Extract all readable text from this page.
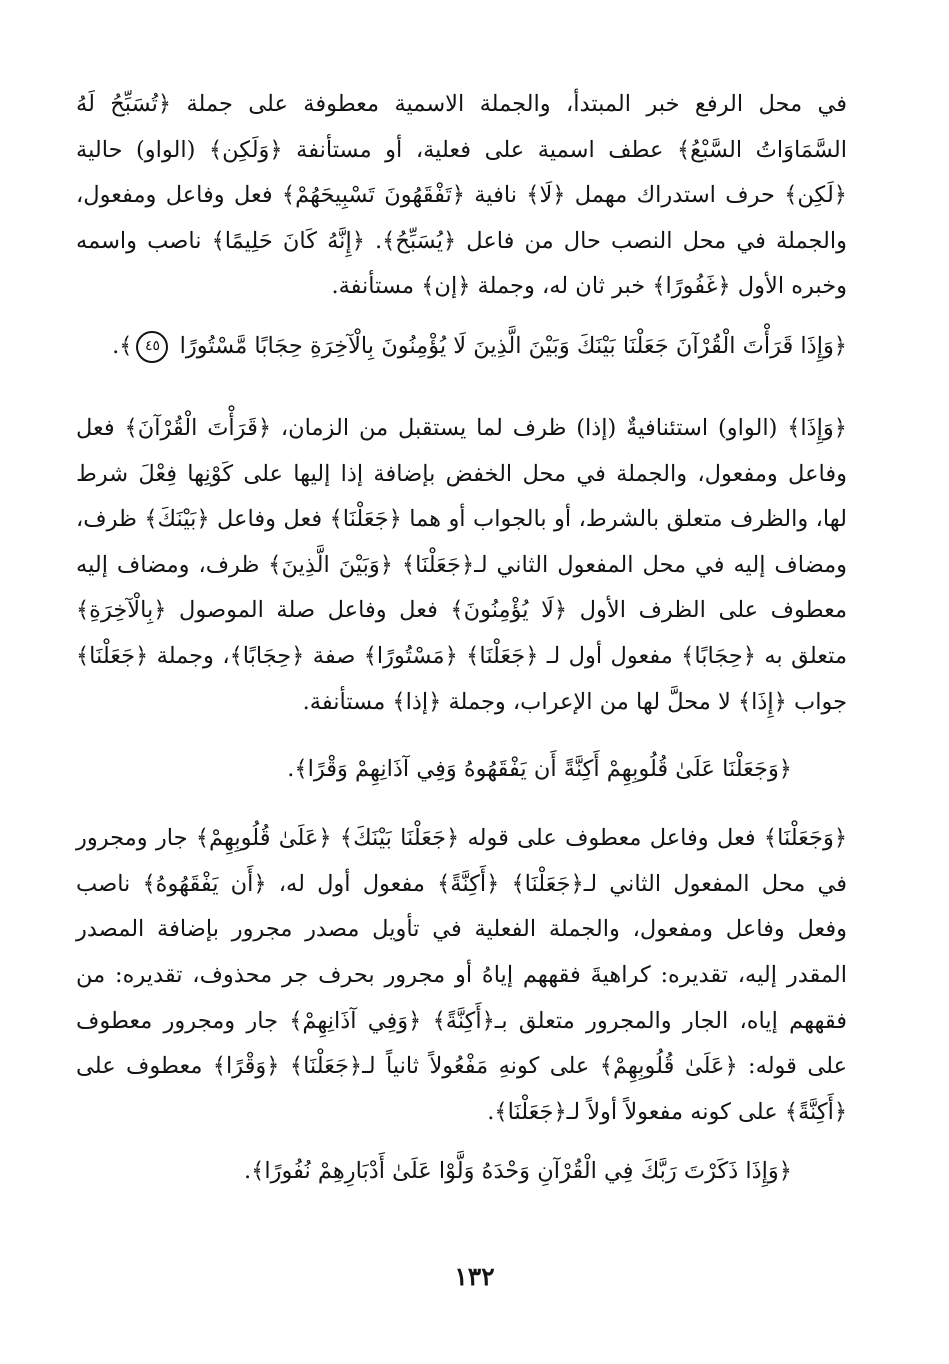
في محل الرفع خبر المبتدأ، والجملة الاسمية معطوفة على جملة ﴿تُسَبِّحُ لَهُ السَّمَاوَاتُ السَّبْعُ﴾ عطف اسمية على فعلية، أو مستأنفة ﴿وَلَكِن﴾ (الواو) حالية ﴿لَكِن﴾ حرف استدراك مهمل ﴿لَا﴾ نافية ﴿تَفْقَهُونَ تَسْبِيحَهُمْ﴾ فعل وفاعل ومفعول، والجملة في محل النصب حال من فاعل ﴿يُسَبِّحُ﴾. ﴿إِنَّهُ كَانَ حَلِيمًا﴾ ناصب واسمه وخبره الأول ﴿غَفُورًا﴾ خبر ثان له، وجملة ﴿إن﴾ مستأنفة.

﴿وَإِذَا قَرَأْتَ الْقُرْآنَ جَعَلْنَا بَيْنَكَ وَبَيْنَ الَّذِينَ لَا يُؤْمِنُونَ بِالْآخِرَةِ حِجَابًا مَّسْتُورًا ٤٥﴾.

﴿وَإِذَا﴾ (الواو) استئنافيةٌ (إذا) ظرف لما يستقبل من الزمان، ﴿قَرَأْتَ الْقُرْآنَ﴾ فعل وفاعل ومفعول، والجملة في محل الخفض بإضافة إذا إليها على كَوْنِها فِعْلَ شرط لها، والظرف متعلق بالشرط، أو بالجواب أو هما ﴿جَعَلْنَا﴾ فعل وفاعل ﴿بَيْنَكَ﴾ ظرف، ومضاف إليه في محل المفعول الثاني لـ﴿جَعَلْنَا﴾ ﴿وَبَيْنَ الَّذِينَ﴾ ظرف، ومضاف إليه معطوف على الظرف الأول ﴿لَا يُؤْمِنُونَ﴾ فعل وفاعل صلة الموصول ﴿بِالْآخِرَةِ﴾ متعلق به ﴿حِجَابًا﴾ مفعول أول لـ ﴿جَعَلْنَا﴾ ﴿مَسْتُورًا﴾ صفة ﴿حِجَابًا﴾، وجملة ﴿جَعَلْنَا﴾ جواب ﴿إِذَا﴾ لا محلَّ لها من الإعراب، وجملة ﴿إذا﴾ مستأنفة.

﴿وَجَعَلْنَا عَلَىٰ قُلُوبِهِمْ أَكِنَّةً أَن يَفْقَهُوهُ وَفِي آذَانِهِمْ وَقْرًا﴾.

﴿وَجَعَلْنَا﴾ فعل وفاعل معطوف على قوله ﴿جَعَلْنَا بَيْنَكَ﴾ ﴿عَلَىٰ قُلُوبِهِمْ﴾ جار ومجرور في محل المفعول الثاني لـ﴿جَعَلْنَا﴾ ﴿أَكِنَّةً﴾ مفعول أول له، ﴿أَن يَفْقَهُوهُ﴾ ناصب وفعل وفاعل ومفعول، والجملة الفعلية في تأويل مصدر مجرور بإضافة المصدر المقدر إليه، تقديره: كراهيةَ فقههم إياهُ أو مجرور بحرف جر محذوف، تقديره: من فقههم إياه، الجار والمجرور متعلق بـ﴿أَكِنَّةً﴾ ﴿وَفِي آذَانِهِمْ﴾ جار ومجرور معطوف على قوله: ﴿عَلَىٰ قُلُوبِهِمْ﴾ على كونهِ مَفْعُولاً ثانياً لـ﴿جَعَلْنَا﴾ ﴿وَقْرًا﴾ معطوف على ﴿أَكِنَّةً﴾ على كونه مفعولاً أولاً لـ﴿جَعَلْنَا﴾.

﴿وَإِذَا ذَكَرْتَ رَبَّكَ فِي الْقُرْآنِ وَحْدَهُ وَلَّوْا عَلَىٰ أَدْبَارِهِمْ نُفُورًا﴾.

١٣٢
